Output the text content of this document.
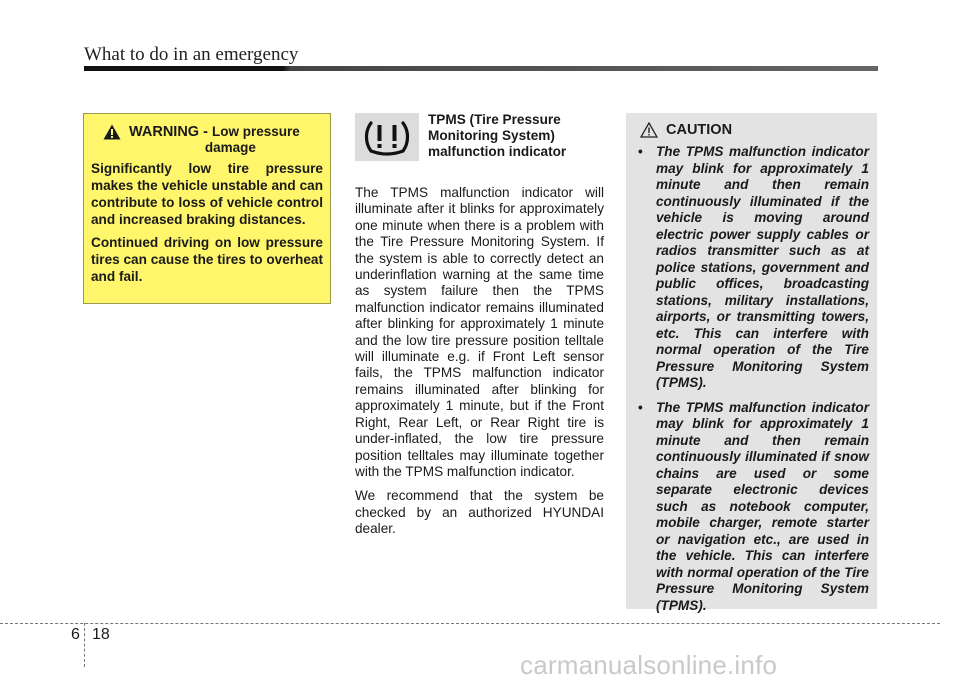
What to do in an emergency
WARNING - Low pressure
damage

Significantly low tire pressure makes the vehicle unstable and can contribute to loss of vehicle control and increased braking distances.

Continued driving on low pressure tires can cause the tires to overheat and fail.

TPMS (Tire Pressure Monitoring System) malfunction indicator

The TPMS malfunction indicator will illuminate after it blinks for approximately one minute when there is a problem with the Tire Pressure Monitoring System. If the system is able to correctly detect an underinflation warning at the same time as system failure then the TPMS malfunction indicator remains illuminated after blinking for approximately 1 minute and the low tire pressure position telltale will illuminate e.g. if Front Left sensor fails, the TPMS malfunction indicator remains illuminated after blinking for approximately 1 minute, but if the Front Right, Rear Left, or Rear Right tire is under-inflated, the low tire pressure position telltales may illuminate together with the TPMS malfunction indicator.

We recommend that the system be checked by an authorized HYUNDAI dealer.

CAUTION
• The TPMS malfunction indicator may blink for approximately 1 minute and then remain continuously illuminated if the vehicle is moving around electric power supply cables or radios transmitter such as at police stations, government and public offices, broadcasting stations, military installations, airports, or transmitting towers, etc. This can interfere with normal operation of the Tire Pressure Monitoring System (TPMS).
• The TPMS malfunction indicator may blink for approximately 1 minute and then remain continuously illuminated if snow chains are used or some separate electronic devices such as notebook computer, mobile charger, remote starter or navigation etc., are used in the vehicle. This can interfere with normal operation of the Tire Pressure Monitoring System (TPMS).
6 18
carmanualsonline.info
